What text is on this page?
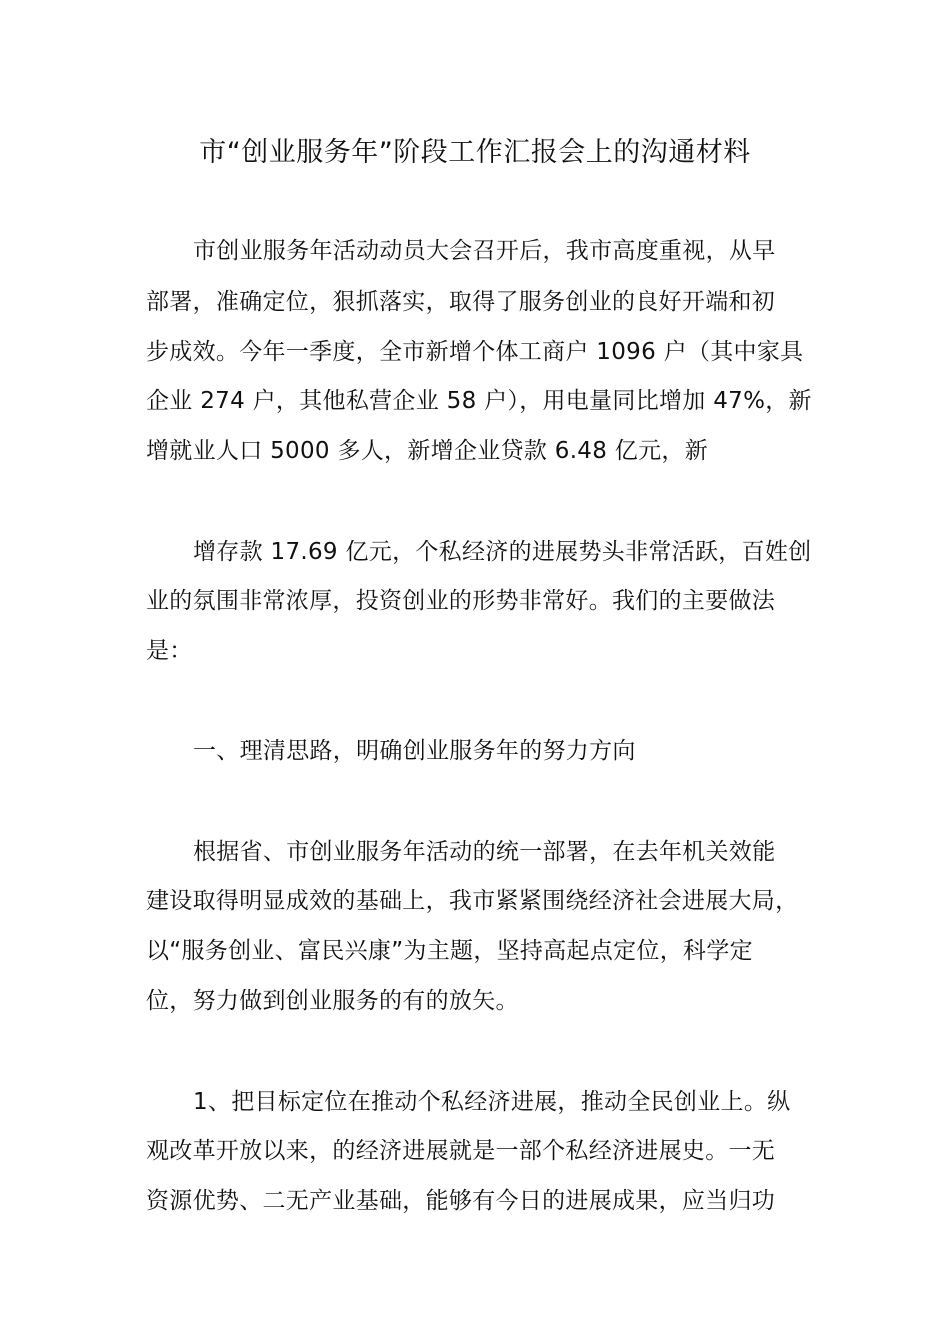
市“创业服务年”阶段工作汇报会上的沟通材料
市创业服务年活动动员大会召开后，我市高度重视，从早
部署，准确定位，狠抓落实，取得了服务创业的良好开端和初
步成效。今年一季度，全市新增个体工商户 1096 户（其中家具
企业 274 户，其他私营企业 58 户），用电量同比增加 47%，新
增就业人口 5000 多人，新增企业贷款 6.48 亿元，新
增存款 17.69 亿元，个私经济的进展势头非常活跃，百姓创
业的氛围非常浓厚，投资创业的形势非常好。我们的主要做法
是：
一、理清思路，明确创业服务年的努力方向
根据省、市创业服务年活动的统一部署，在去年机关效能
建设取得明显成效的基础上，我市紧紧围绕经济社会进展大局，
以“服务创业、富民兴康”为主题，坚持高起点定位，科学定
位，努力做到创业服务的有的放矢。
1、把目标定位在推动个私经济进展，推动全民创业上。纵
观改革开放以来，的经济进展就是一部个私经济进展史。一无
资源优势、二无产业基础，能够有今日的进展成果，应当归功
